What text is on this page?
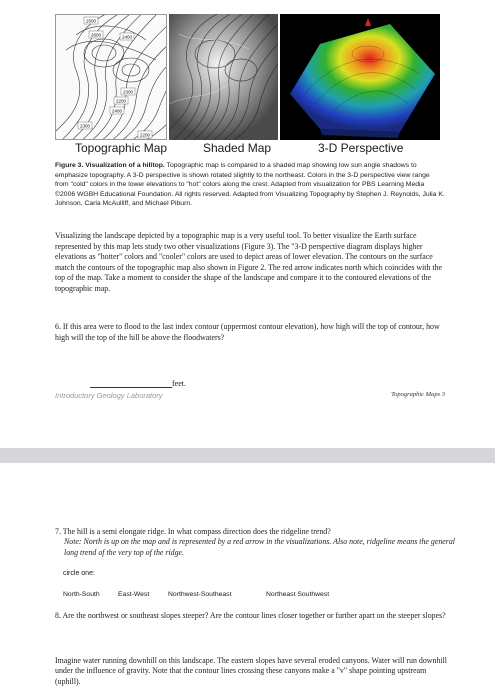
2500
2600	2400
2300
2200
2400
2300
2200
Topographic Map	Shaded Map	3-D Perspective
Figure 3. Visualization of a hilltop. Topographic map is compared to a shaded map showing low sun angle shadows to emphasize topography. A 3-D perspective is shown rotated slightly to the northeast. Colors in the 3-D perspective view range from "cold" colors in the lower elevations to "hot" colors along the crest. Adapted from visualization for PBS Learning Media ©2006 WGBH Educational Foundation. All rights reserved. Adapted from Visualizing Topography by Stephen J. Reynolds, Julia K. Johnson, Carla McAulliff, and Michael Piburn.
Visualizing the landscape depicted by a topographic map is a very useful tool. To better visualize the Earth surface represented by this map lets study two other visualizations (Figure 3). The "3-D perspective diagram displays higher elevations as "hotter" colors and "cooler" colors are used to depict areas of lower elevation. The contours on the surface match the contours of the topographic map also shown in Figure 2. The red arrow indicates north which coincides with the top of the map. Take a moment to consider the shape of the landscape and compare it to the contoured elevations of the topographic map.
6. If this area were to flood to the last index contour (uppermost contour elevation), how high will the top of contour, how high will the top of the hill be above the floodwaters?
feet.
Introductory Geology Laboratory	Topographic Maps 3
7. The hill is a semi elongate ridge. In what compass direction does the ridgeline trend?
Note: North is up on the map and is represented by a red arrow in the visualizations. Also note, ridgeline means the general long trend of the very top of the ridge.
circle one:
North-South	East-West	Northwest-Southeast	Northeast Southwest
8. Are the northwest or southeast slopes steeper? Are the contour lines closer together or further apart on the steeper slopes?
Imagine water running downhill on this landscape. The eastern slopes have several eroded canyons. Water will run downhill under the influence of gravity. Note that the contour lines crossing these canyons make a "v" shape pointing upstream (uphill).
